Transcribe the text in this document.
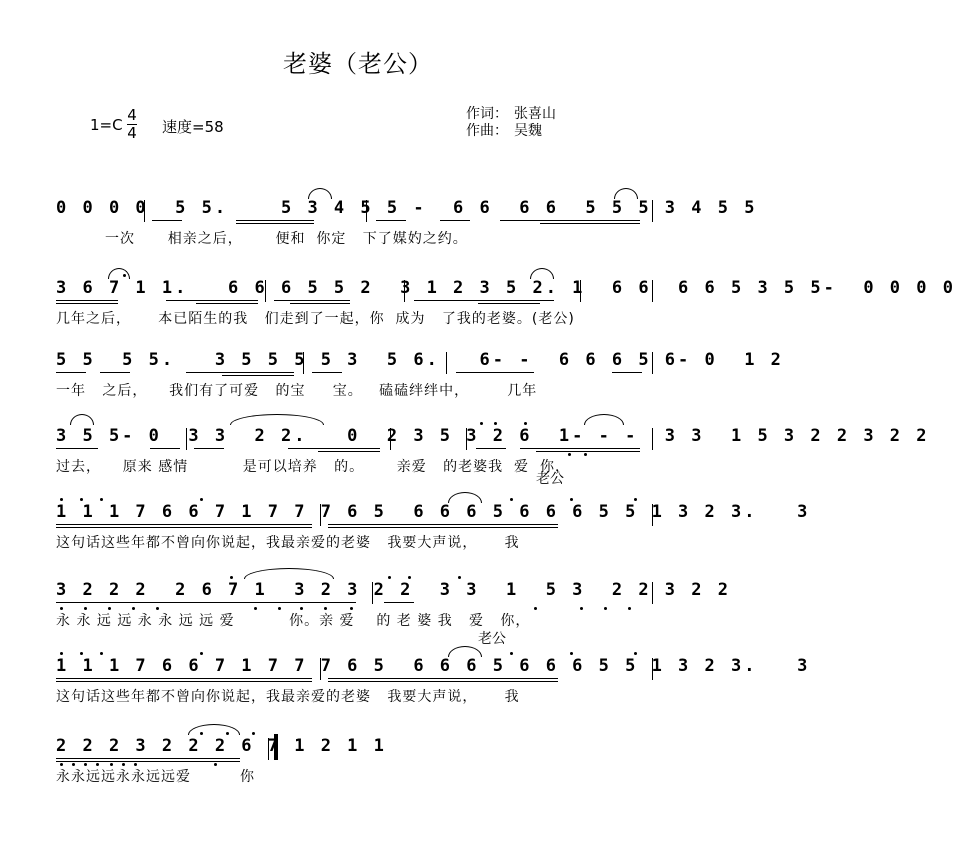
老婆（老公）
1=C
4
4 速度=58
作词： 张喜山
作曲： 吴魏
0 0 0 0  5 5.    5 3 4 5 5 -  6 6  6 6  5 5 5 3 4 5 5
一次      相亲之后，      便和  你定   下了媒妁之约。
3 6 7 1 1.   6 6 6 5 5 2  3 1 2 3 5 2. 1  6 6  6 6 5 3 5 5-  0 0 0 0
几年之后，     本已陌生的我   们走到了一起，你  成为   了我的老婆。(老公)
5 5  5 5.   3 5 5 5 5 3  5 6.   6- -  6 6 6 5 6- 0  1 2
一年   之后，    我们有了可爱   的宝     宝。   磕磕绊绊中，       几年
3 5 5- 0  3 3  2 2.   0  2 3 5 3 2 6  1- - -  3 3  1 5 3 2 2 3 2 2
过去，    原来 感情          是可以培养   的。      亲爱   的老婆我  爱  你，
老公
1 1 1 7 6 6 7 1 7 7 7 6 5  6 6 6 5 6 6 6 5 5 1 3 2 3.   3
这句话这些年都不曾向你说起，我最亲爱的老婆   我要大声说，     我
3 2 2 2  2 6 7 1  3 2 3 2 2  3 3  1  5 3  2 2 3 2 2
永 永 远 远 永 永 远 远 爱          你。亲 爱    的 老 婆 我   爱   你，
老公
1 1 1 7 6 6 7 1 7 7 7 6 5  6 6 6 5 6 6 6 5 5 1 3 2 3.   3
这句话这些年都不曾向你说起，我最亲爱的老婆   我要大声说，     我
2 2 2 3 2 2 2 6 7 1 2 1 1
永永远远永永远远爱         你
